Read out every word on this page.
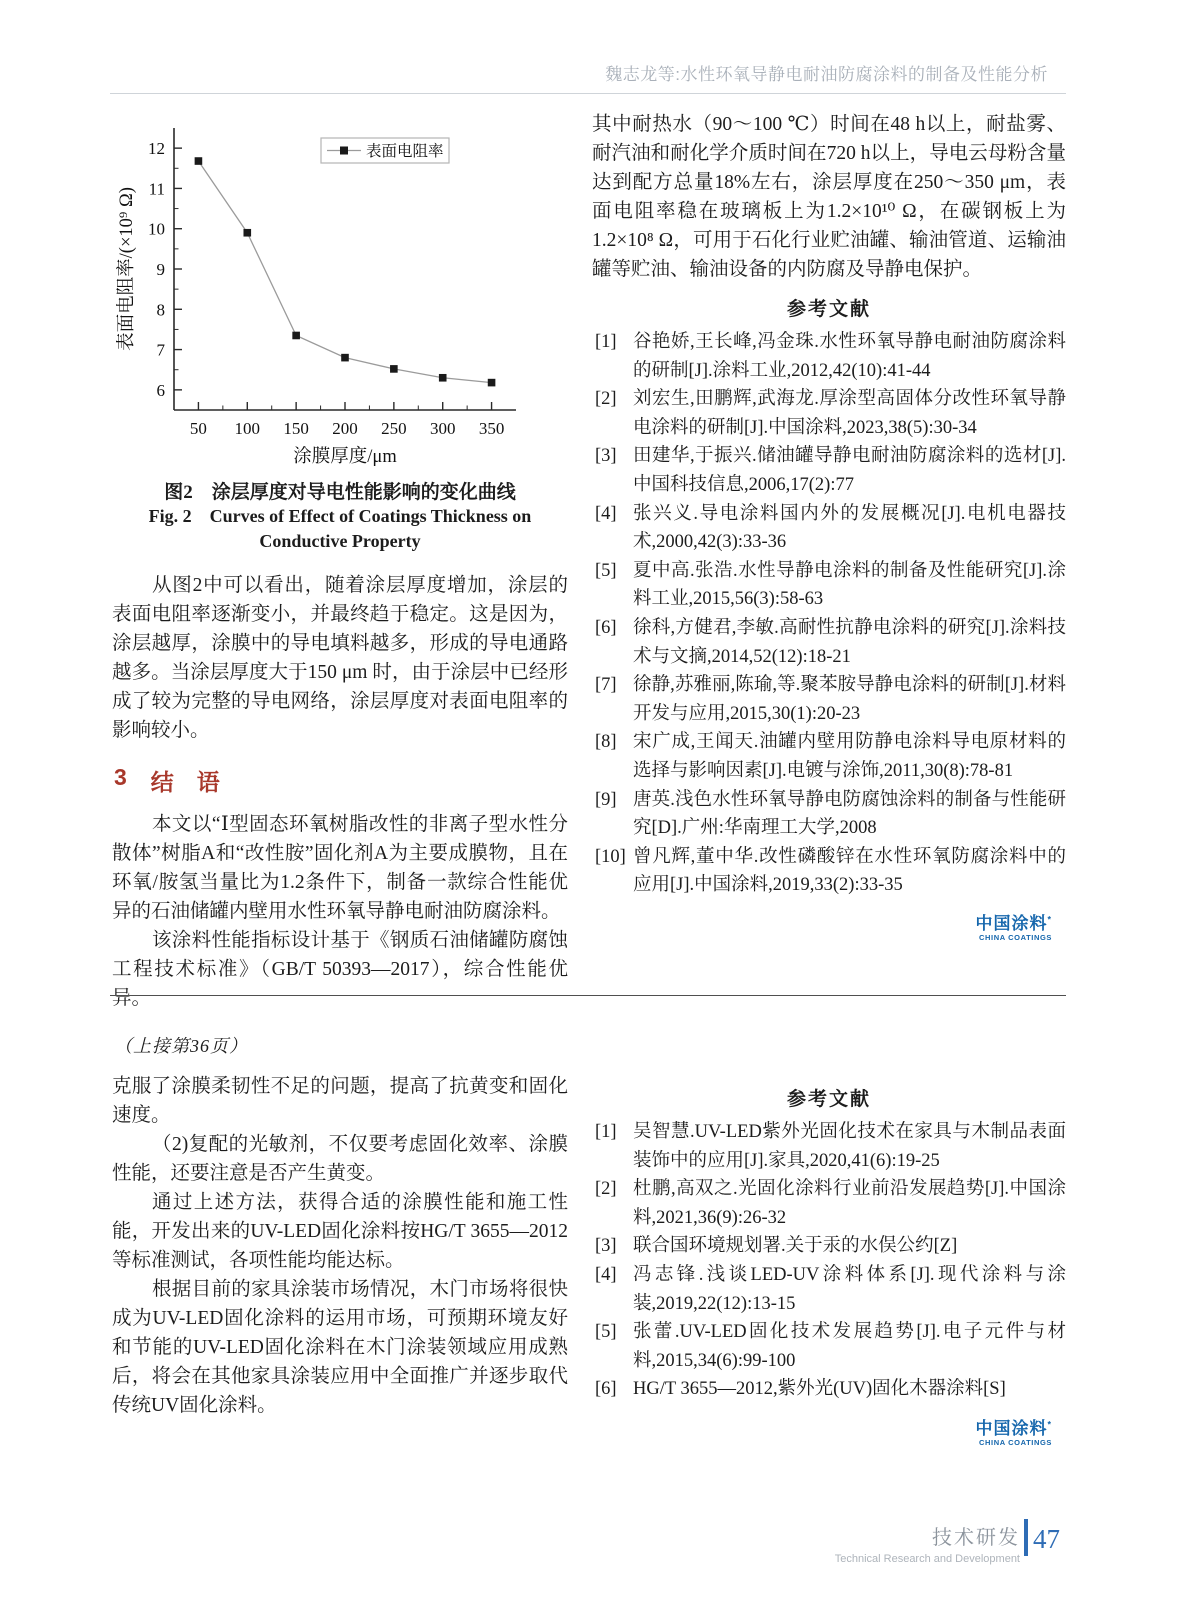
魏志龙等:水性环氧导静电耐油防腐涂料的制备及性能分析
6
7
8
9
10
11
12
50 100 150 200 250 300 350
表面电阻率
涂膜厚度/μm
表面电阻率/(×10⁹ Ω)
图2　涂层厚度对导电性能影响的变化曲线
Fig. 2　Curves of Effect of Coatings Thickness on
Conductive Property
从图2中可以看出，随着涂层厚度增加，涂层的表面电阻率逐渐变小，并最终趋于稳定。这是因为，涂层越厚，涂膜中的导电填料越多，形成的导电通路越多。当涂层厚度大于150 μm 时，由于涂层中已经形成了较为完整的导电网络，涂层厚度对表面电阻率的影响较小。
3 结　语
本文以“Ⅰ型固态环氧树脂改性的非离子型水性分散体”树脂A和“改性胺”固化剂A为主要成膜物，且在环氧/胺氢当量比为1.2条件下，制备一款综合性能优异的石油储罐内壁用水性环氧导静电耐油防腐涂料。
该涂料性能指标设计基于《钢质石油储罐防腐蚀工程技术标准》（GB/T 50393—2017），综合性能优异。
其中耐热水（90～100 ℃）时间在48 h以上，耐盐雾、耐汽油和耐化学介质时间在720 h以上，导电云母粉含量达到配方总量18%左右，涂层厚度在250～350 μm，表面电阻率稳在玻璃板上为1.2×10¹⁰ Ω，在碳钢板上为1.2×10⁸ Ω，可用于石化行业贮油罐、输油管道、运输油罐等贮油、输油设备的内防腐及导静电保护。
参考文献
[1] 谷艳娇,王长峰,冯金珠.水性环氧导静电耐油防腐涂料的研制[J].涂料工业,2012,42(10):41-44
[2] 刘宏生,田鹏辉,武海龙.厚涂型高固体分改性环氧导静电涂料的研制[J].中国涂料,2023,38(5):30-34
[3] 田建华,于振兴.储油罐导静电耐油防腐涂料的选材[J].中国科技信息,2006,17(2):77
[4] 张兴义.导电涂料国内外的发展概况[J].电机电器技术,2000,42(3):33-36
[5] 夏中高.张浩.水性导静电涂料的制备及性能研究[J].涂料工业,2015,56(3):58-63
[6] 徐科,方健君,李敏.高耐性抗静电涂料的研究[J].涂料技术与文摘,2014,52(12):18-21
[7] 徐静,苏雅丽,陈瑜,等.聚苯胺导静电涂料的研制[J].材料开发与应用,2015,30(1):20-23
[8] 宋广成,王闻天.油罐内壁用防静电涂料导电原材料的选择与影响因素[J].电镀与涂饰,2011,30(8):78-81
[9] 唐英.浅色水性环氧导静电防腐蚀涂料的制备与性能研究[D].广州:华南理工大学,2008
[10] 曾凡辉,董中华.改性磷酸锌在水性环氧防腐涂料中的应用[J].中国涂料,2019,33(2):33-35
中国涂料*
CHINA COATINGS
（上接第36页）
克服了涂膜柔韧性不足的问题，提高了抗黄变和固化速度。
（2)复配的光敏剂，不仅要考虑固化效率、涂膜性能，还要注意是否产生黄变。
通过上述方法，获得合适的涂膜性能和施工性能，开发出来的UV-LED固化涂料按HG/T 3655—2012等标准测试，各项性能均能达标。
根据目前的家具涂装市场情况，木门市场将很快成为UV-LED固化涂料的运用市场，可预期环境友好和节能的UV-LED固化涂料在木门涂装领域应用成熟后，将会在其他家具涂装应用中全面推广并逐步取代传统UV固化涂料。
参考文献
[1] 吴智慧.UV-LED紫外光固化技术在家具与木制品表面装饰中的应用[J].家具,2020,41(6):19-25
[2] 杜鹏,高双之.光固化涂料行业前沿发展趋势[J].中国涂料,2021,36(9):26-32
[3] 联合国环境规划署.关于汞的水俣公约[Z]
[4] 冯志锋.浅谈LED-UV涂料体系[J].现代涂料与涂装,2019,22(12):13-15
[5] 张蕾.UV-LED固化技术发展趋势[J].电子元件与材料,2015,34(6):99-100
[6] HG/T 3655—2012,紫外光(UV)固化木器涂料[S]
中国涂料*
CHINA COATINGS
技术研发
Technical Research and Development
47
